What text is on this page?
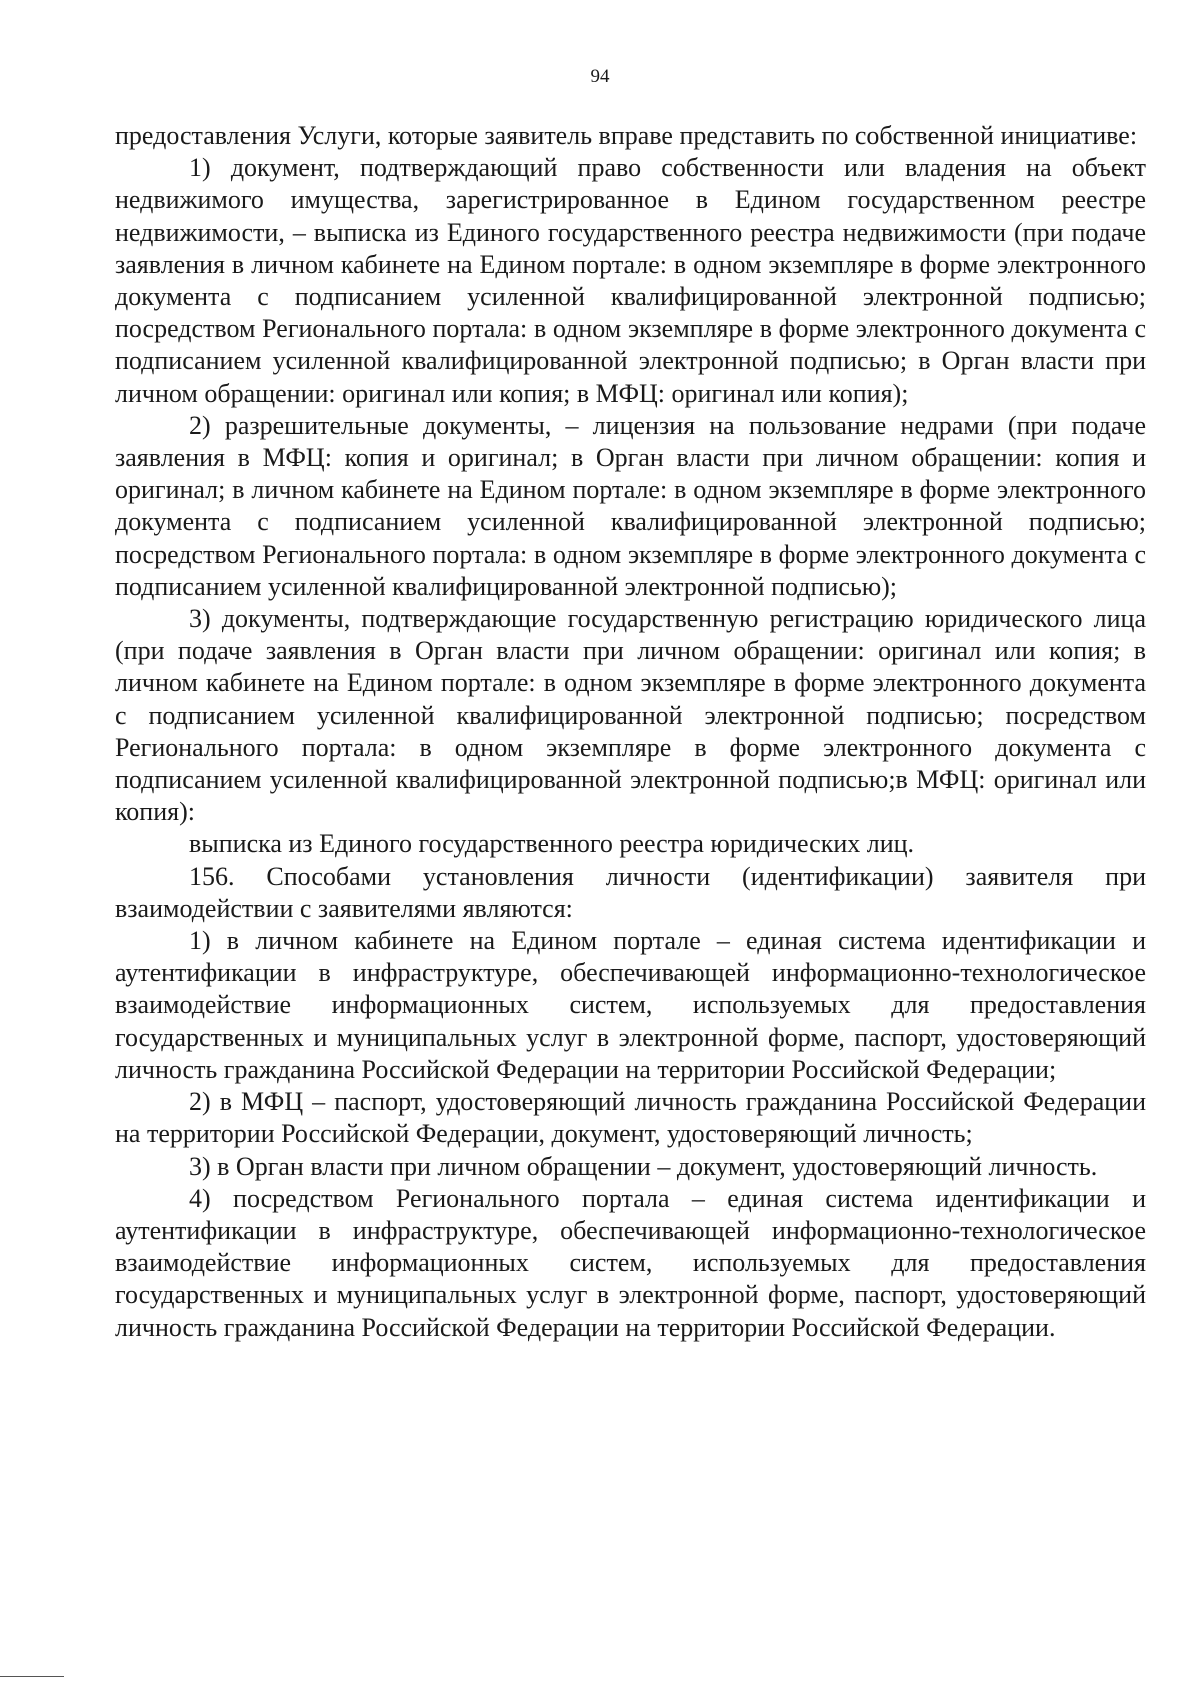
94

предоставления Услуги, которые заявитель вправе представить по собственной инициативе:

1) документ, подтверждающий право собственности или владения на объект недвижимого имущества, зарегистрированное в Едином государственном реестре недвижимости, – выписка из Единого государственного реестра недвижимости (при подаче заявления в личном кабинете на Едином портале: в одном экземпляре в форме электронного документа с подписанием усиленной квалифицированной электронной подписью; посредством Регионального портала: в одном экземпляре в форме электронного документа с подписанием усиленной квалифицированной электронной подписью; в Орган власти при личном обращении: оригинал или копия; в МФЦ: оригинал или копия);

2) разрешительные документы, – лицензия на пользование недрами (при подаче заявления в МФЦ: копия и оригинал; в Орган власти при личном обращении: копия и оригинал; в личном кабинете на Едином портале: в одном экземпляре в форме электронного документа с подписанием усиленной квалифицированной электронной подписью; посредством Регионального портала: в одном экземпляре в форме электронного документа с подписанием усиленной квалифицированной электронной подписью);

3) документы, подтверждающие государственную регистрацию юридического лица (при подаче заявления в Орган власти при личном обращении: оригинал или копия; в личном кабинете на Едином портале: в одном экземпляре в форме электронного документа с подписанием усиленной квалифицированной электронной подписью; посредством Регионального портала: в одном экземпляре в форме электронного документа с подписанием усиленной квалифицированной электронной подписью;в МФЦ: оригинал или копия):

выписка из Единого государственного реестра юридических лиц.

156. Способами установления личности (идентификации) заявителя при взаимодействии с заявителями являются:

1) в личном кабинете на Едином портале – единая система идентификации и аутентификации в инфраструктуре, обеспечивающей информационно-технологическое взаимодействие информационных систем, используемых для предоставления государственных и муниципальных услуг в электронной форме, паспорт, удостоверяющий личность гражданина Российской Федерации на территории Российской Федерации;

2) в МФЦ – паспорт, удостоверяющий личность гражданина Российской Федерации на территории Российской Федерации, документ, удостоверяющий личность;

3) в Орган власти при личном обращении – документ, удостоверяющий личность.

4) посредством Регионального портала – единая система идентификации и аутентификации в инфраструктуре, обеспечивающей информационно-технологическое взаимодействие информационных систем, используемых для предоставления государственных и муниципальных услуг в электронной форме, паспорт, удостоверяющий личность гражданина Российской Федерации на территории Российской Федерации.
